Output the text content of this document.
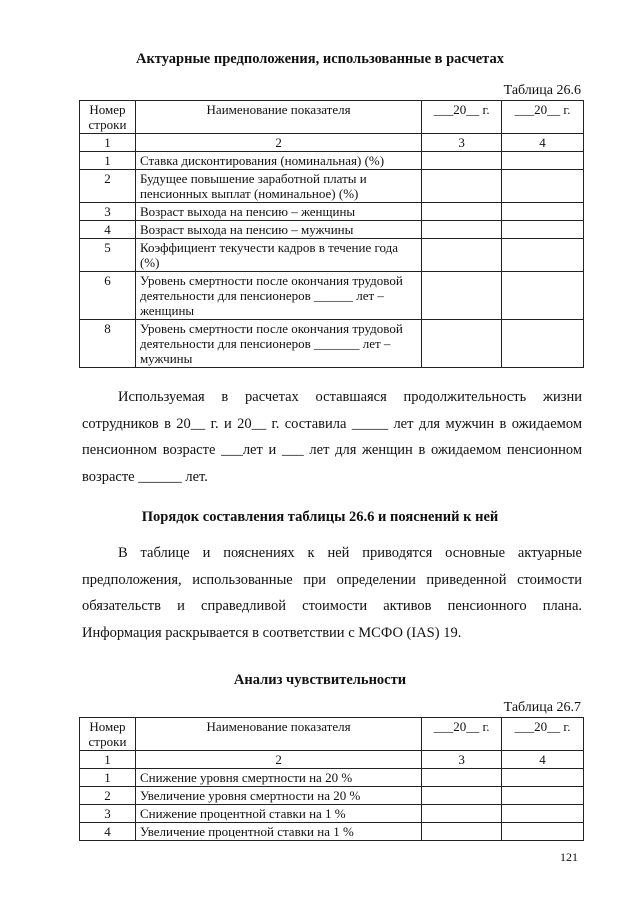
Актуарные предположения, использованные в расчетах
Таблица 26.6
Номер строки	Наименование показателя	___20__ г.	___20__ г.
1	2	3	4
1	Ставка дисконтирования (номинальная) (%)		
2	Будущее повышение заработной платы и пенсионных выплат (номинальное) (%)		
3	Возраст выхода на пенсию – женщины		
4	Возраст выхода на пенсию – мужчины		
5	Коэффициент текучести кадров в течение года (%)		
6	Уровень смертности после окончания трудовой деятельности для пенсионеров ______ лет – женщины		
8	Уровень смертности после окончания трудовой деятельности для пенсионеров _______ лет – мужчины		
Используемая в расчетах оставшаяся продолжительность жизни сотрудников в 20__ г. и 20__ г. составила _____ лет для мужчин в ожидаемом пенсионном возрасте ___лет и ___ лет для женщин в ожидаемом пенсионном возрасте ______ лет.
Порядок составления таблицы 26.6 и пояснений к ней
В таблице и пояснениях к ней приводятся основные актуарные предположения, использованные при определении приведенной стоимости обязательств и справедливой стоимости активов пенсионного плана. Информация раскрывается в соответствии с МСФО (IAS) 19.
Анализ чувствительности
Таблица 26.7
Номер строки	Наименование показателя	___20__ г.	___20__ г.
1	2	3	4
1	Снижение уровня смертности на 20 %		
2	Увеличение уровня смертности на 20 %		
3	Снижение процентной ставки на 1 %		
4	Увеличение процентной ставки на 1 %		
121
